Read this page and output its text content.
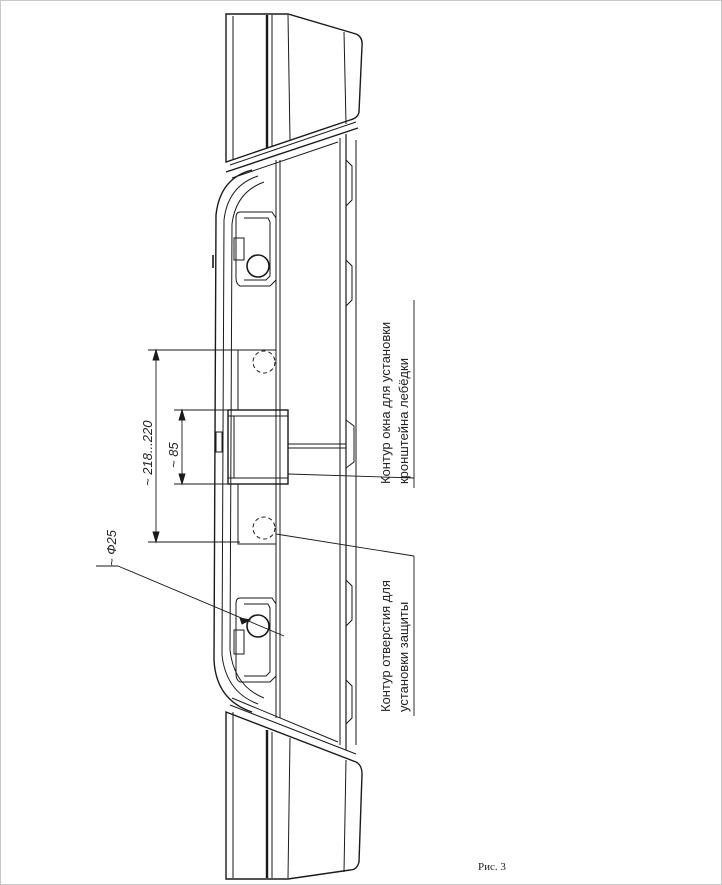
~ 218...220 ~ 85
~ Ф25
Контур окна для установки кронштейна лебёдки
Контур отверстия для установки защиты
Рис. 3
